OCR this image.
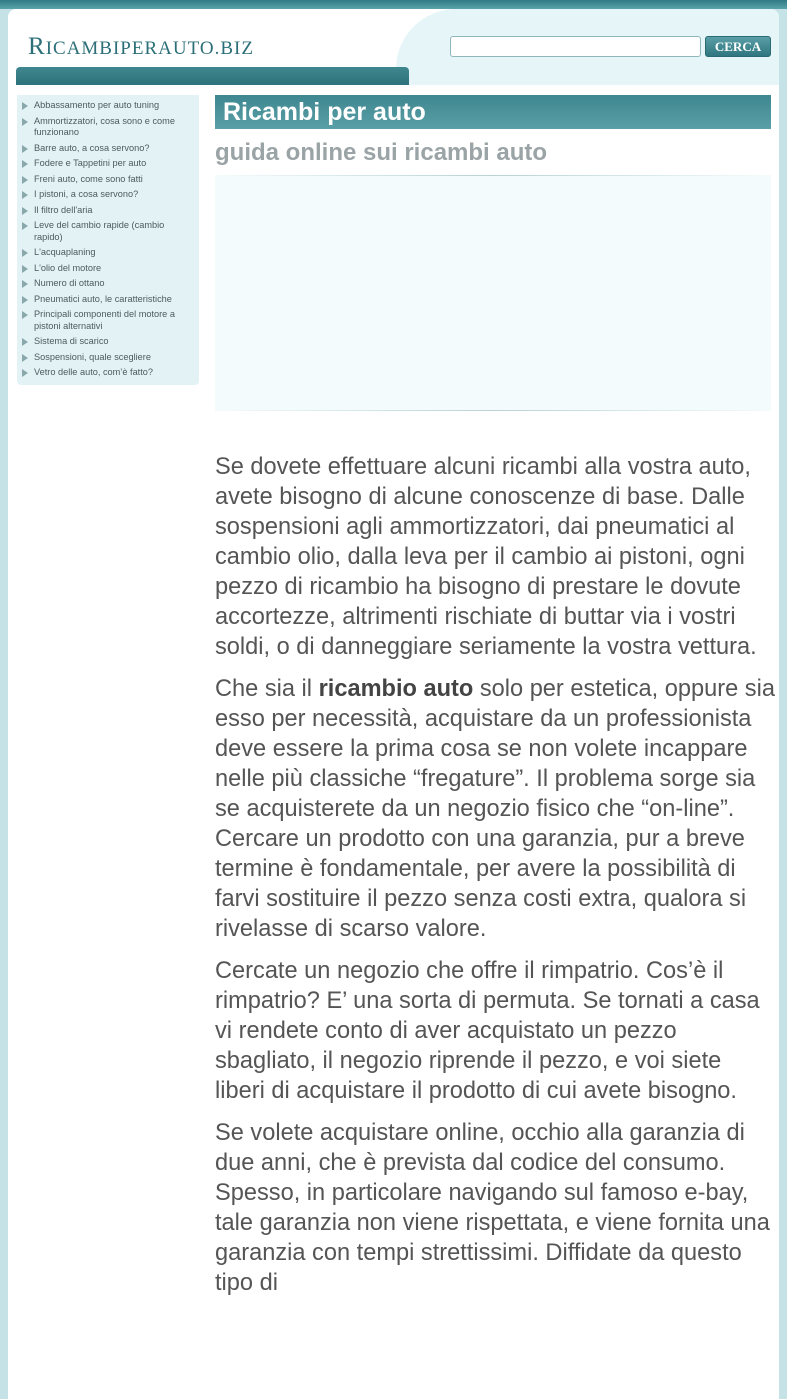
RICAMBIPERAUTO.BIZ	CERCA
Abbassamento per auto tuning
Ammortizzatori, cosa sono e come funzionano
Barre auto, a cosa servono?
Fodere e Tappetini per auto
Freni auto, come sono fatti
I pistoni, a cosa servono?
Il filtro dell'aria
Leve del cambio rapide (cambio rapido)
L'acquaplaning
L'olio del motore
Numero di ottano
Pneumatici auto, le caratteristiche
Principali componenti del motore a pistoni alternativi
Sistema di scarico
Sospensioni, quale scegliere
Vetro delle auto, com’è fatto?
Ricambi per auto
guida online sui ricambi auto

Se dovete effettuare alcuni ricambi alla vostra auto, avete bisogno di alcune conoscenze di base. Dalle sospensioni agli ammortizzatori, dai pneumatici al cambio olio, dalla leva per il cambio ai pistoni, ogni pezzo di ricambio ha bisogno di prestare le dovute accortezze, altrimenti rischiate di buttar via i vostri soldi, o di danneggiare seriamente la vostra vettura.

Che sia il ricambio auto solo per estetica, oppure sia esso per necessità, acquistare da un professionista deve essere la prima cosa se non volete incappare nelle più classiche “fregature”. Il problema sorge sia se acquisterete da un negozio fisico che “on-line”. Cercare un prodotto con una garanzia, pur a breve termine è fondamentale, per avere la possibilità di farvi sostituire il pezzo senza costi extra, qualora si rivelasse di scarso valore.

Cercate un negozio che offre il rimpatrio. Cos’è il rimpatrio? E’ una sorta di permuta. Se tornati a casa vi rendete conto di aver acquistato un pezzo sbagliato, il negozio riprende il pezzo, e voi siete liberi di acquistare il prodotto di cui avete bisogno.

Se volete acquistare online, occhio alla garanzia di due anni, che è prevista dal codice del consumo. Spesso, in particolare navigando sul famoso e-bay, tale garanzia non viene rispettata, e viene fornita una garanzia con tempi strettissimi. Diffidate da questo tipo di
